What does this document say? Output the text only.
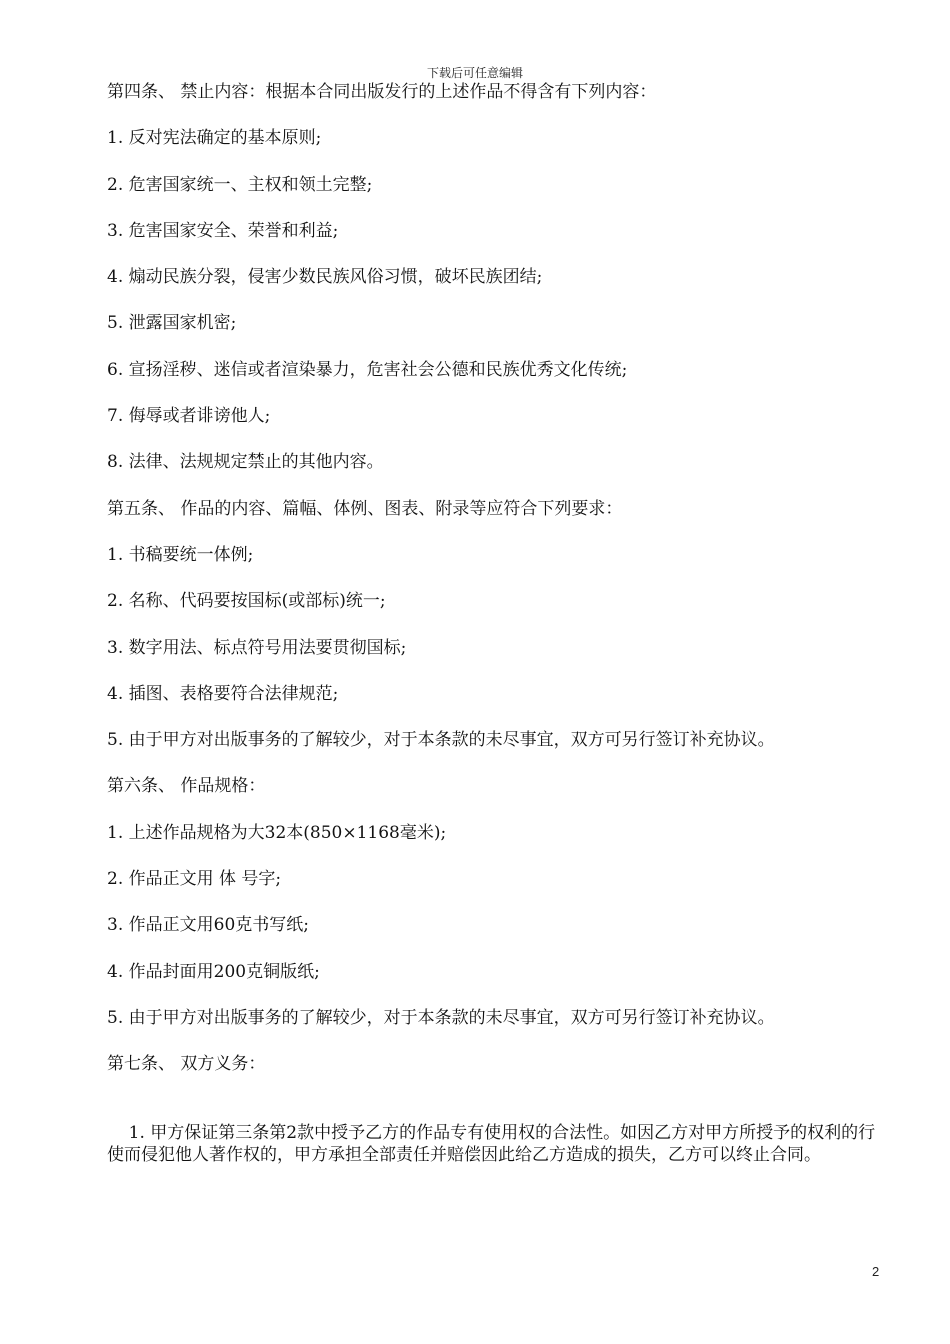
下载后可任意编辑
第四条、 禁止内容：根据本合同出版发行的上述作品不得含有下列内容：
1. 反对宪法确定的基本原则;
2. 危害国家统一、主权和领土完整;
3. 危害国家安全、荣誉和利益;
4. 煽动民族分裂，侵害少数民族风俗习惯，破坏民族团结;
5. 泄露国家机密;
6. 宣扬淫秽、迷信或者渲染暴力，危害社会公德和民族优秀文化传统;
7. 侮辱或者诽谤他人;
8. 法律、法规规定禁止的其他内容。
第五条、 作品的内容、篇幅、体例、图表、附录等应符合下列要求：
1. 书稿要统一体例;
2. 名称、代码要按国标(或部标)统一;
3. 数字用法、标点符号用法要贯彻国标;
4. 插图、表格要符合法律规范;
5. 由于甲方对出版事务的了解较少，对于本条款的未尽事宜，双方可另行签订补充协议。
第六条、 作品规格：
1. 上述作品规格为大32本(850×1168毫米);
2. 作品正文用 体 号字;
3. 作品正文用60克书写纸;
4. 作品封面用200克铜版纸;
5. 由于甲方对出版事务的了解较少，对于本条款的未尽事宜，双方可另行签订补充协议。
第七条、 双方义务：

1. 甲方保证第三条第2款中授予乙方的作品专有使用权的合法性。如因乙方对甲方所授予的权利的行使而侵犯他人著作权的，甲方承担全部责任并赔偿因此给乙方造成的损失，乙方可以终止合同。

2
